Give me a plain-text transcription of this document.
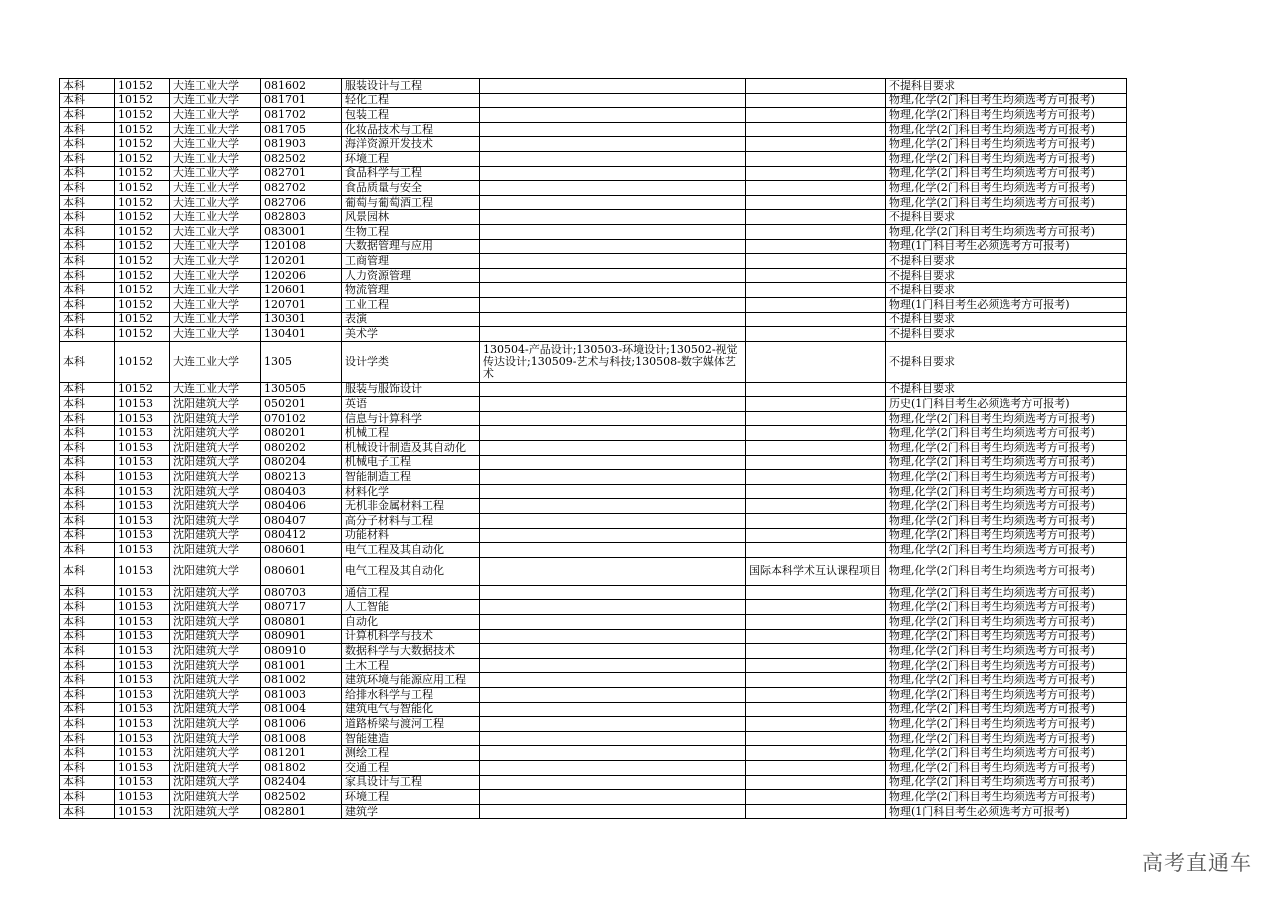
本科	10152	大连工业大学	081602	服装设计与工程			不提科目要求
本科	10152	大连工业大学	081701	轻化工程			物理,化学(2门科目考生均须选考方可报考)
本科	10152	大连工业大学	081702	包装工程			物理,化学(2门科目考生均须选考方可报考)
本科	10152	大连工业大学	081705	化妆品技术与工程			物理,化学(2门科目考生均须选考方可报考)
本科	10152	大连工业大学	081903	海洋资源开发技术			物理,化学(2门科目考生均须选考方可报考)
本科	10152	大连工业大学	082502	环境工程			物理,化学(2门科目考生均须选考方可报考)
本科	10152	大连工业大学	082701	食品科学与工程			物理,化学(2门科目考生均须选考方可报考)
本科	10152	大连工业大学	082702	食品质量与安全			物理,化学(2门科目考生均须选考方可报考)
本科	10152	大连工业大学	082706	葡萄与葡萄酒工程			物理,化学(2门科目考生均须选考方可报考)
本科	10152	大连工业大学	082803	风景园林			不提科目要求
本科	10152	大连工业大学	083001	生物工程			物理,化学(2门科目考生均须选考方可报考)
本科	10152	大连工业大学	120108	大数据管理与应用			物理(1门科目考生必须选考方可报考)
本科	10152	大连工业大学	120201	工商管理			不提科目要求
本科	10152	大连工业大学	120206	人力资源管理			不提科目要求
本科	10152	大连工业大学	120601	物流管理			不提科目要求
本科	10152	大连工业大学	120701	工业工程			物理(1门科目考生必须选考方可报考)
本科	10152	大连工业大学	130301	表演			不提科目要求
本科	10152	大连工业大学	130401	美术学			不提科目要求
本科	10152	大连工业大学	1305	设计学类	130504-产品设计;130503-环境设计;130502-视觉传达设计;130509-艺术与科技;130508-数字媒体艺术		不提科目要求
本科	10152	大连工业大学	130505	服装与服饰设计			不提科目要求
本科	10153	沈阳建筑大学	050201	英语			历史(1门科目考生必须选考方可报考)
本科	10153	沈阳建筑大学	070102	信息与计算科学			物理,化学(2门科目考生均须选考方可报考)
本科	10153	沈阳建筑大学	080201	机械工程			物理,化学(2门科目考生均须选考方可报考)
本科	10153	沈阳建筑大学	080202	机械设计制造及其自动化			物理,化学(2门科目考生均须选考方可报考)
本科	10153	沈阳建筑大学	080204	机械电子工程			物理,化学(2门科目考生均须选考方可报考)
本科	10153	沈阳建筑大学	080213	智能制造工程			物理,化学(2门科目考生均须选考方可报考)
本科	10153	沈阳建筑大学	080403	材料化学			物理,化学(2门科目考生均须选考方可报考)
本科	10153	沈阳建筑大学	080406	无机非金属材料工程			物理,化学(2门科目考生均须选考方可报考)
本科	10153	沈阳建筑大学	080407	高分子材料与工程			物理,化学(2门科目考生均须选考方可报考)
本科	10153	沈阳建筑大学	080412	功能材料			物理,化学(2门科目考生均须选考方可报考)
本科	10153	沈阳建筑大学	080601	电气工程及其自动化			物理,化学(2门科目考生均须选考方可报考)
本科	10153	沈阳建筑大学	080601	电气工程及其自动化		国际本科学术互认课程项目	物理,化学(2门科目考生均须选考方可报考)
本科	10153	沈阳建筑大学	080703	通信工程			物理,化学(2门科目考生均须选考方可报考)
本科	10153	沈阳建筑大学	080717	人工智能			物理,化学(2门科目考生均须选考方可报考)
本科	10153	沈阳建筑大学	080801	自动化			物理,化学(2门科目考生均须选考方可报考)
本科	10153	沈阳建筑大学	080901	计算机科学与技术			物理,化学(2门科目考生均须选考方可报考)
本科	10153	沈阳建筑大学	080910	数据科学与大数据技术			物理,化学(2门科目考生均须选考方可报考)
本科	10153	沈阳建筑大学	081001	土木工程			物理,化学(2门科目考生均须选考方可报考)
本科	10153	沈阳建筑大学	081002	建筑环境与能源应用工程			物理,化学(2门科目考生均须选考方可报考)
本科	10153	沈阳建筑大学	081003	给排水科学与工程			物理,化学(2门科目考生均须选考方可报考)
本科	10153	沈阳建筑大学	081004	建筑电气与智能化			物理,化学(2门科目考生均须选考方可报考)
本科	10153	沈阳建筑大学	081006	道路桥梁与渡河工程			物理,化学(2门科目考生均须选考方可报考)
本科	10153	沈阳建筑大学	081008	智能建造			物理,化学(2门科目考生均须选考方可报考)
本科	10153	沈阳建筑大学	081201	测绘工程			物理,化学(2门科目考生均须选考方可报考)
本科	10153	沈阳建筑大学	081802	交通工程			物理,化学(2门科目考生均须选考方可报考)
本科	10153	沈阳建筑大学	082404	家具设计与工程			物理,化学(2门科目考生均须选考方可报考)
本科	10153	沈阳建筑大学	082502	环境工程			物理,化学(2门科目考生均须选考方可报考)
本科	10153	沈阳建筑大学	082801	建筑学			物理(1门科目考生必须选考方可报考)
高考直通车
